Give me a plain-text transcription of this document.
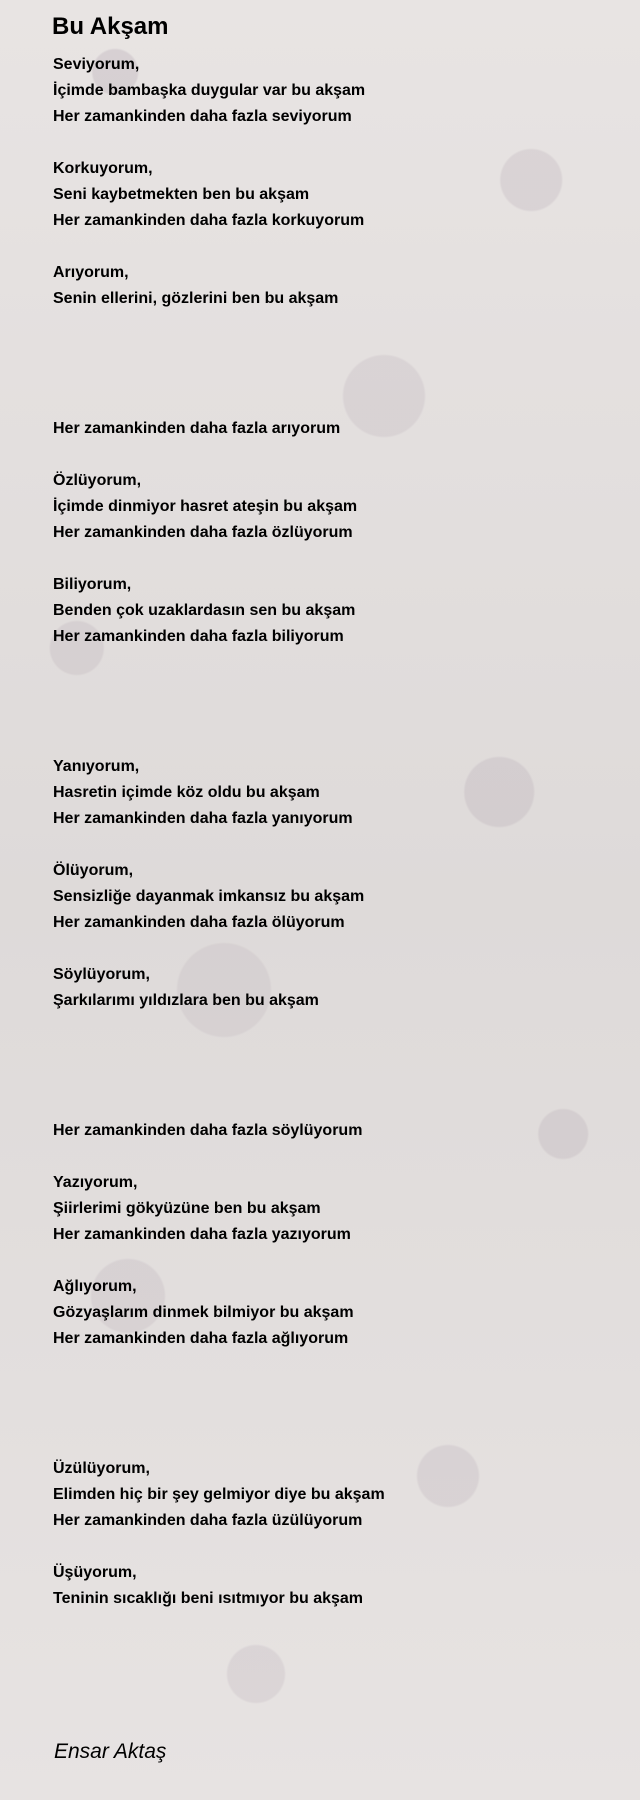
Bu Akşam
Seviyorum,
İçimde bambaşka duygular var bu akşam
Her zamankinden daha fazla seviyorum
Korkuyorum,
Seni kaybetmekten ben bu akşam
Her zamankinden daha fazla korkuyorum
Arıyorum,
Senin ellerini, gözlerini ben bu akşam
Her zamankinden daha fazla arıyorum
Özlüyorum,
İçimde dinmiyor hasret ateşin bu akşam
Her zamankinden daha fazla özlüyorum
Biliyorum,
Benden çok uzaklardasın sen bu akşam
Her zamankinden daha fazla biliyorum
Yanıyorum,
Hasretin içimde köz oldu bu akşam
Her zamankinden daha fazla yanıyorum
Ölüyorum,
Sensizliğe dayanmak imkansız bu akşam
Her zamankinden daha fazla ölüyorum
Söylüyorum,
Şarkılarımı yıldızlara ben bu akşam
Her zamankinden daha fazla söylüyorum
Yazıyorum,
Şiirlerimi gökyüzüne ben bu akşam
Her zamankinden daha fazla yazıyorum
Ağlıyorum,
Gözyaşlarım dinmek bilmiyor bu akşam
Her zamankinden daha fazla ağlıyorum
Üzülüyorum,
Elimden hiç bir şey gelmiyor diye bu akşam
Her zamankinden daha fazla üzülüyorum
Üşüyorum,
Teninin sıcaklığı beni ısıtmıyor bu akşam
Ensar Aktaş
